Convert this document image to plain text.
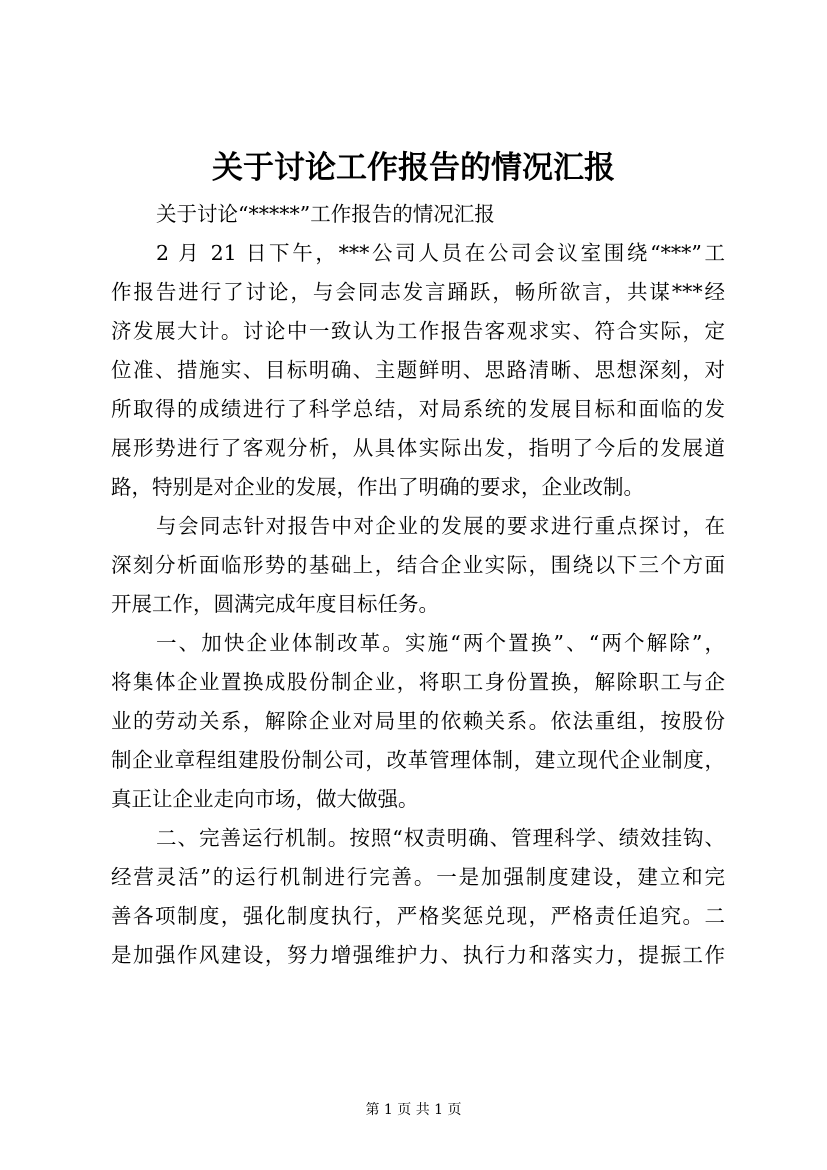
关于讨论工作报告的情况汇报
关于讨论“*****”工作报告的情况汇报
2 月 21 日下午，***公司人员在公司会议室围绕“***”工
作报告进行了讨论，与会同志发言踊跃，畅所欲言，共谋***经
济发展大计。讨论中一致认为工作报告客观求实、符合实际，定
位准、措施实、目标明确、主题鲜明、思路清晰、思想深刻，对
所取得的成绩进行了科学总结，对局系统的发展目标和面临的发
展形势进行了客观分析，从具体实际出发，指明了今后的发展道
路，特别是对企业的发展，作出了明确的要求，企业改制。
与会同志针对报告中对企业的发展的要求进行重点探讨，在
深刻分析面临形势的基础上，结合企业实际，围绕以下三个方面
开展工作，圆满完成年度目标任务。
一、加快企业体制改革。实施“两个置换”、“两个解除”，
将集体企业置换成股份制企业，将职工身份置换，解除职工与企
业的劳动关系，解除企业对局里的依赖关系。依法重组，按股份
制企业章程组建股份制公司，改革管理体制，建立现代企业制度，
真正让企业走向市场，做大做强。
二、完善运行机制。按照“权责明确、管理科学、绩效挂钩、
经营灵活”的运行机制进行完善。一是加强制度建设，建立和完
善各项制度，强化制度执行，严格奖惩兑现，严格责任追究。二
是加强作风建设，努力增强维护力、执行力和落实力，提振工作
第 1 页 共 1 页
